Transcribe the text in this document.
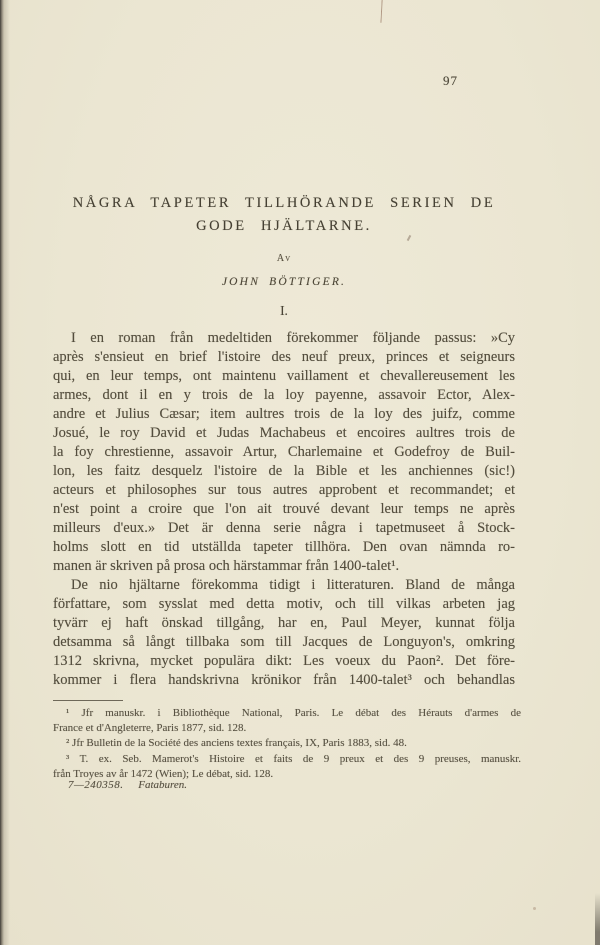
97
NÅGRA TAPETER TILLHÖRANDE SERIEN DE
GODE HJÄLTARNE.
Av
JOHN BÖTTIGER.
I.
I en roman från medeltiden förekommer följande passus: »Cy
après s'ensieut en brief l'istoire des neuf preux, princes et seigneurs
qui, en leur temps, ont maintenu vaillament et chevallereusement les
armes, dont il en y trois de la loy payenne, assavoir Ector, Alex-
andre et Julius Cæsar; item aultres trois de la loy des juifz, comme
Josué, le roy David et Judas Machabeus et encoires aultres trois de
la foy chrestienne, assavoir Artur, Charlemaine et Godefroy de Buil-
lon, les faitz desquelz l'istoire de la Bible et les anchiennes (sic!)
acteurs et philosophes sur tous autres approbent et recommandet; et
n'est point a croire que l'on ait trouvé devant leur temps ne après
milleurs d'eux.» Det är denna serie några i tapetmuseet å Stock-
holms slott en tid utställda tapeter tillhöra. Den ovan nämnda ro-
manen är skriven på prosa och härstammar från 1400-talet¹.
De nio hjältarne förekomma tidigt i litteraturen. Bland de många
författare, som sysslat med detta motiv, och till vilkas arbeten jag
tyvärr ej haft önskad tillgång, har en, Paul Meyer, kunnat följa
detsamma så långt tillbaka som till Jacques de Longuyon's, omkring
1312 skrivna, mycket populära dikt: Les voeux du Paon². Det före-
kommer i flera handskrivna krönikor från 1400-talet³ och behandlas
¹ Jfr manuskr. i Bibliothèque National, Paris. Le débat des Hérauts d'armes de
France et d'Angleterre, Paris 1877, sid. 128.
² Jfr Bulletin de la Société des anciens textes français, IX, Paris 1883, sid. 48.
³ T. ex. Seb. Mamerot's Histoire et faits de 9 preux et des 9 preuses, manuskr.
från Troyes av år 1472 (Wien); Le débat, sid. 128.
7—240358. Fataburen.
